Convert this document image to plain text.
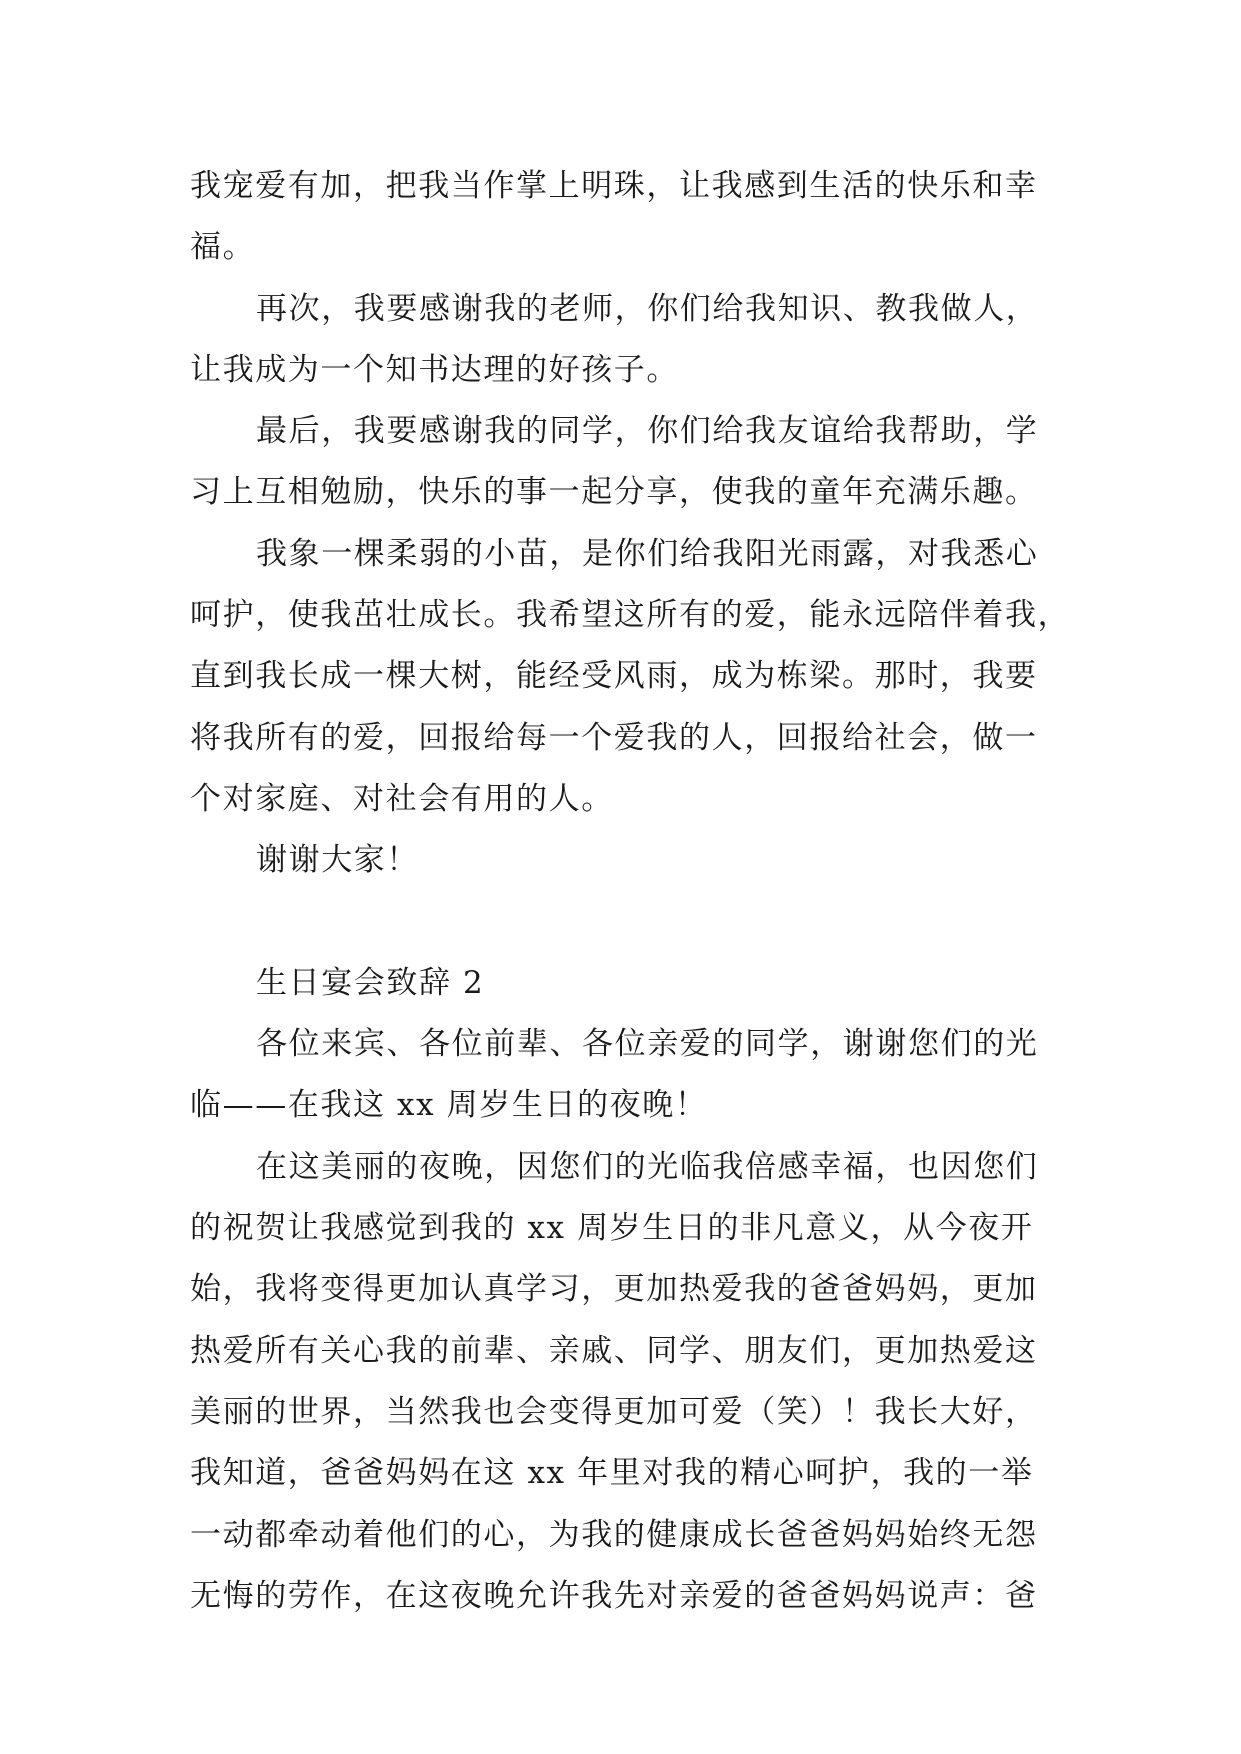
我宠爱有加，把我当作掌上明珠，让我感到生活的快乐和幸
福。
再次，我要感谢我的老师，你们给我知识、教我做人，
让我成为一个知书达理的好孩子。
最后，我要感谢我的同学，你们给我友谊给我帮助，学
习上互相勉励，快乐的事一起分享，使我的童年充满乐趣。
我象一棵柔弱的小苗，是你们给我阳光雨露，对我悉心
呵护，使我茁壮成长。我希望这所有的爱，能永远陪伴着我，
直到我长成一棵大树，能经受风雨，成为栋梁。那时，我要
将我所有的爱，回报给每一个爱我的人，回报给社会，做一
个对家庭、对社会有用的人。
谢谢大家！
生日宴会致辞 2
各位来宾、各位前辈、各位亲爱的同学，谢谢您们的光
临——在我这 xx 周岁生日的夜晚！
在这美丽的夜晚，因您们的光临我倍感幸福，也因您们
的祝贺让我感觉到我的 xx 周岁生日的非凡意义，从今夜开
始，我将变得更加认真学习，更加热爱我的爸爸妈妈，更加
热爱所有关心我的前辈、亲戚、同学、朋友们，更加热爱这
美丽的世界，当然我也会变得更加可爱（笑）！我长大好，
我知道，爸爸妈妈在这 xx 年里对我的精心呵护，我的一举
一动都牵动着他们的心，为我的健康成长爸爸妈妈始终无怨
无悔的劳作，在这夜晚允许我先对亲爱的爸爸妈妈说声：爸
